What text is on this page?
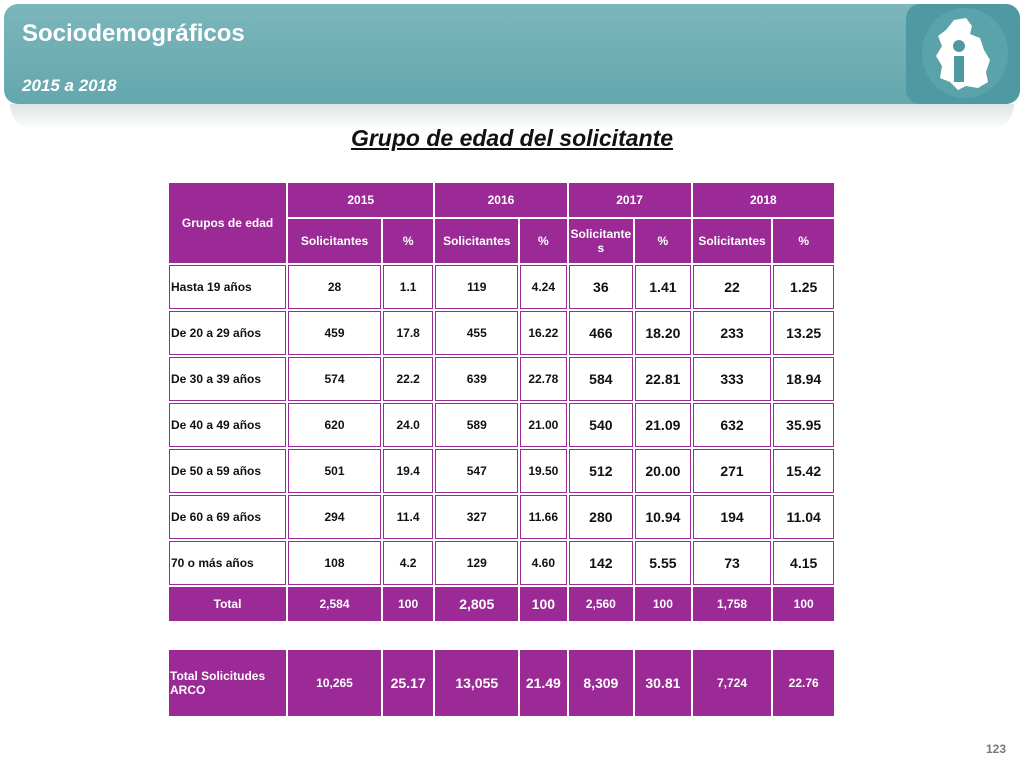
Sociodemográficos
2015 a 2018
Grupo de edad del solicitante
Grupos de edad	2015		2016		2017		2018	
	Solicitantes	%	Solicitantes	%	Solicitante s	%	Solicitantes	%
Hasta 19 años	28	1.1	119	4.24	36	1.41	22	1.25
De 20 a 29 años	459	17.8	455	16.22	466	18.20	233	13.25
De 30 a 39 años	574	22.2	639	22.78	584	22.81	333	18.94
De 40 a 49 años	620	24.0	589	21.00	540	21.09	632	35.95
De 50 a 59 años	501	19.4	547	19.50	512	20.00	271	15.42
De 60 a 69 años	294	11.4	327	11.66	280	10.94	194	11.04
70 o más años	108	4.2	129	4.60	142	5.55	73	4.15
Total	2,584	100	2,805	100	2,560	100	1,758	100
Total Solicitudes ARCO	10,265	25.17	13,055	21.49	8,309	30.81	7,724	22.76
123
